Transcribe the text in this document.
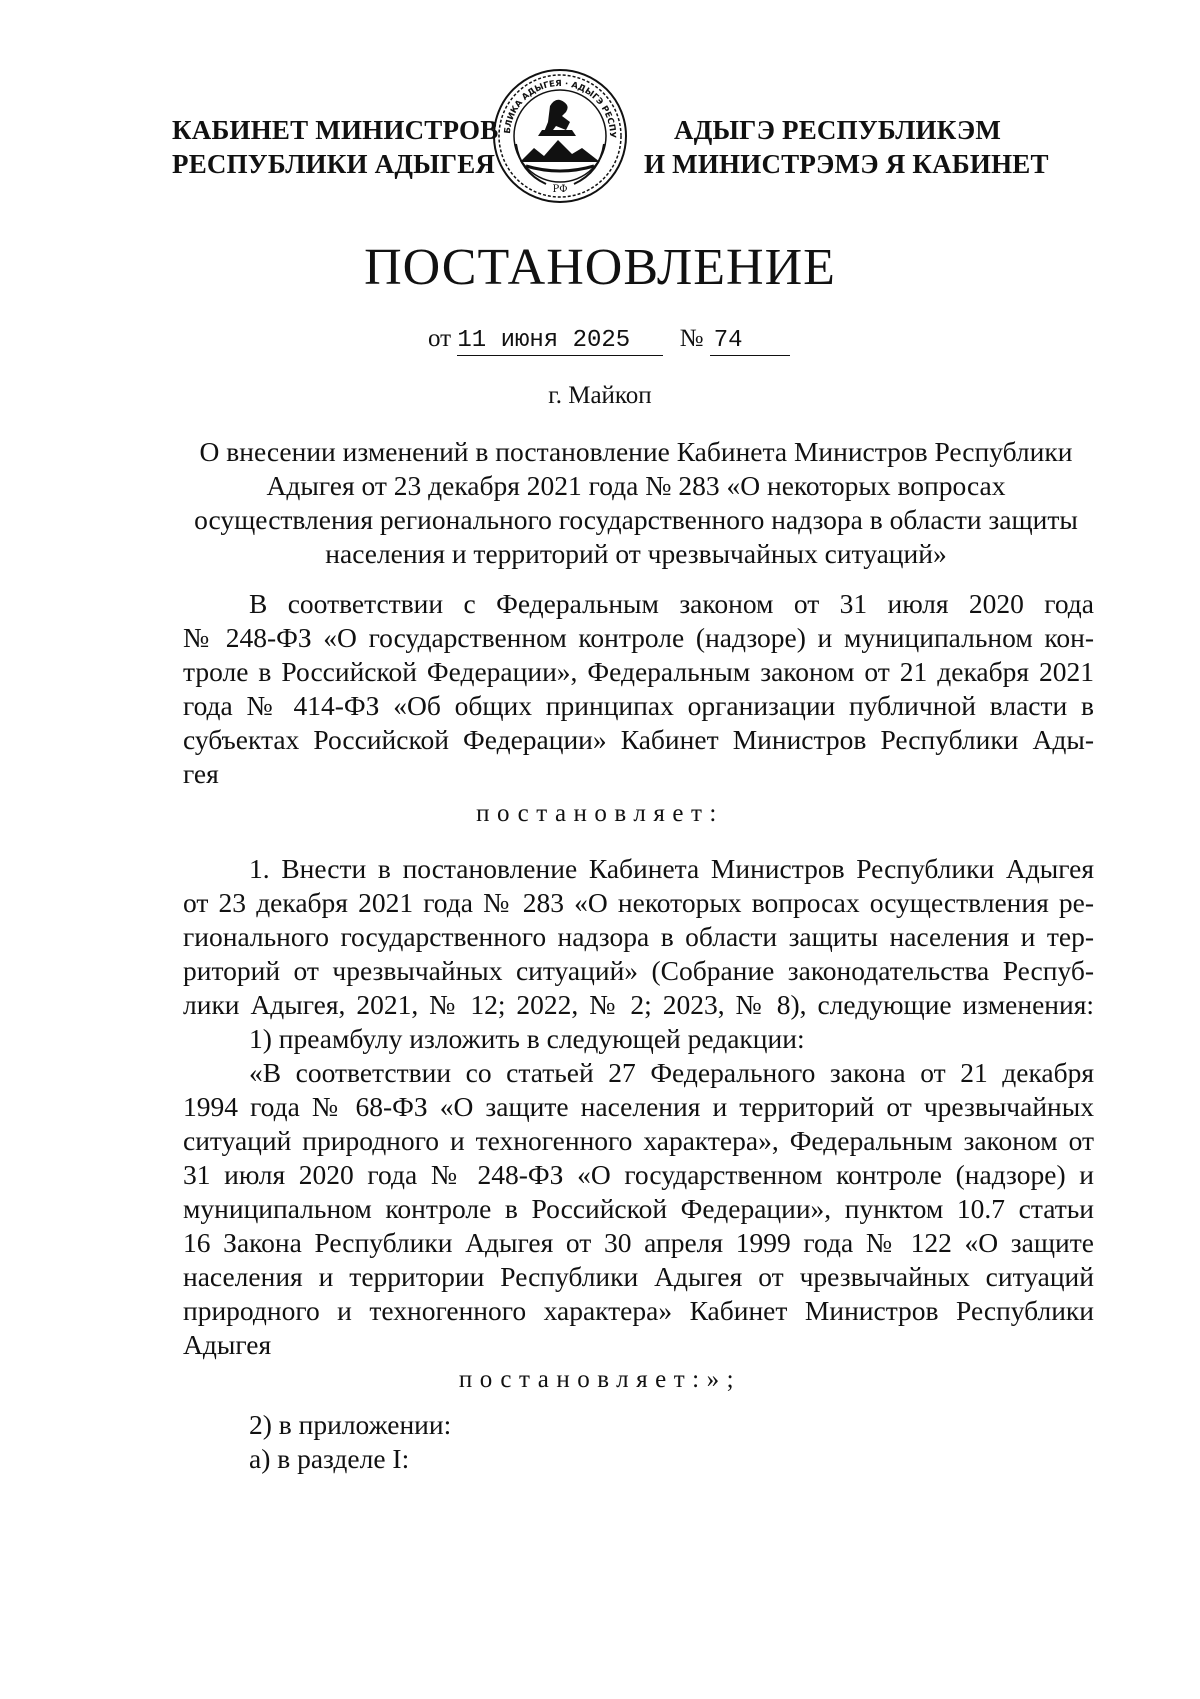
КАБИНЕТ МИНИСТРОВ
РЕСПУБЛИКИ АДЫГЕЯ
БЛИКА АДЫГЕЯ · АДЫГЭ РЕСПУ
РФ
АДЫГЭ РЕСПУБЛИКЭМ
И МИНИСТРЭМЭ Я КАБИНЕТ
ПОСТАНОВЛЕНИЕ
от 11 июня 2025 № 74
г. Майкоп
О внесении изменений в постановление Кабинета Министров Республики
Адыгея от 23 декабря 2021 года № 283 «О некоторых вопросах
осуществления регионального государственного надзора в области защиты
населения и территорий от чрезвычайных ситуаций»
В соответствии с Федеральным законом от 31 июля 2020 года
№ 248-ФЗ «О государственном контроле (надзоре) и муниципальном кон-
троле в Российской Федерации», Федеральным законом от 21 декабря 2021
года № 414-ФЗ «Об общих принципах организации публичной власти в
субъектах Российской Федерации» Кабинет Министров Республики Ады-
гея
постановляет:
1. Внести в постановление Кабинета Министров Республики Адыгея
от 23 декабря 2021 года № 283 «О некоторых вопросах осуществления ре-
гионального государственного надзора в области защиты населения и тер-
риторий от чрезвычайных ситуаций» (Собрание законодательства Респуб-
лики Адыгея, 2021, № 12; 2022, № 2; 2023, № 8), следующие изменения:
1) преамбулу изложить в следующей редакции:
«В соответствии со статьей 27 Федерального закона от 21 декабря
1994 года № 68-ФЗ «О защите населения и территорий от чрезвычайных
ситуаций природного и техногенного характера», Федеральным законом от
31 июля 2020 года № 248-ФЗ «О государственном контроле (надзоре) и
муниципальном контроле в Российской Федерации», пунктом 10.7 статьи
16 Закона Республики Адыгея от 30 апреля 1999 года № 122 «О защите
населения и территории Республики Адыгея от чрезвычайных ситуаций
природного и техногенного характера» Кабинет Министров Республики
Адыгея
постановляет:»;
2) в приложении:
а) в разделе I:
